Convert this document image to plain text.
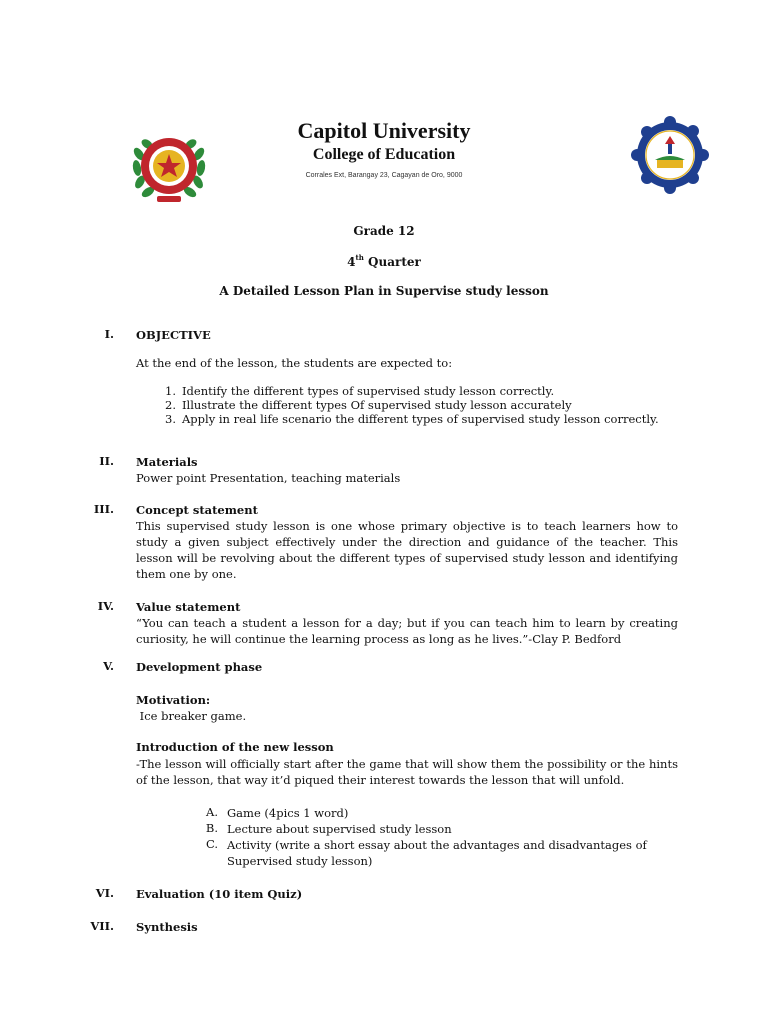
Capitol University
College of Education
Corrales Ext, Barangay 23, Cagayan de Oro, 9000
Grade 12
4th Quarter
A Detailed Lesson Plan in Supervise study lesson
I. OBJECTIVE
At the end of the lesson, the students are expected to:
1. Identify the different types of supervised study lesson correctly.
2. Illustrate the different types Of supervised study lesson accurately
3. Apply in real life scenario the different types of supervised study lesson correctly.
II. Materials
Power point Presentation, teaching materials
III. Concept statement
This supervised study lesson is one whose primary objective is to teach learners how to study a given subject effectively under the direction and guidance of the teacher. This lesson will be revolving about the different types of supervised study lesson and identifying them one by one.
IV. Value statement
“You can teach a student a lesson for a day; but if you can teach him to learn by creating curiosity, he will continue the learning process as long as he lives.”-Clay P. Bedford
V. Development phase
Motivation:
Ice breaker game.
Introduction of the new lesson
-The lesson will officially start after the game that will show them the possibility or the hints of the lesson, that way it’d piqued their interest towards the lesson that will unfold.
A. Game (4pics 1 word)
B. Lecture about supervised study lesson
C. Activity (write a short essay about the advantages and disadvantages of Supervised study lesson)
VI. Evaluation (10 item Quiz)
VII. Synthesis
